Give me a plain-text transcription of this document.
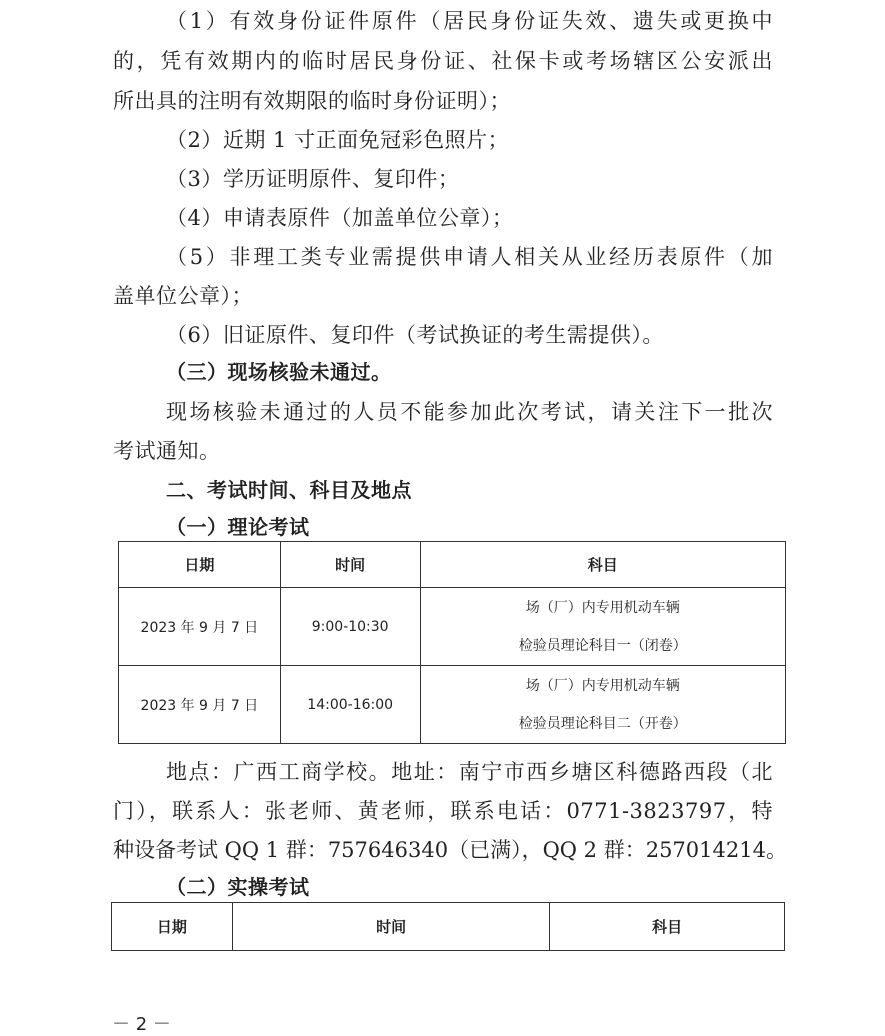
（1）有效身份证件原件（居民身份证失效、遗失或更换中
的，凭有效期内的临时居民身份证、社保卡或考场辖区公安派出
所出具的注明有效期限的临时身份证明）；
（2）近期 1 寸正面免冠彩色照片；
（3）学历证明原件、复印件；
（4）申请表原件（加盖单位公章）；
（5）非理工类专业需提供申请人相关从业经历表原件（加
盖单位公章）；
（6）旧证原件、复印件（考试换证的考生需提供）。
（三）现场核验未通过。
现场核验未通过的人员不能参加此次考试，请关注下一批次
考试通知。
二、考试时间、科目及地点
（一）理论考试
日期	时间	科目
2023 年 9 月 7 日	9:00-10:30	场（厂）内专用机动车辆
检验员理论科目一（闭卷）

2023 年 9 月 7 日	14:00-16:00	场（厂）内专用机动车辆
检验员理论科目二（开卷）
地点：广西工商学校。地址：南宁市西乡塘区科德路西段（北
门），联系人：张老师、黄老师，联系电话：0771-3823797，特
种设备考试 QQ 1 群：757646340（已满），QQ 2 群：257014214。
（二）实操考试
日期	时间	科目
－ 2 －
